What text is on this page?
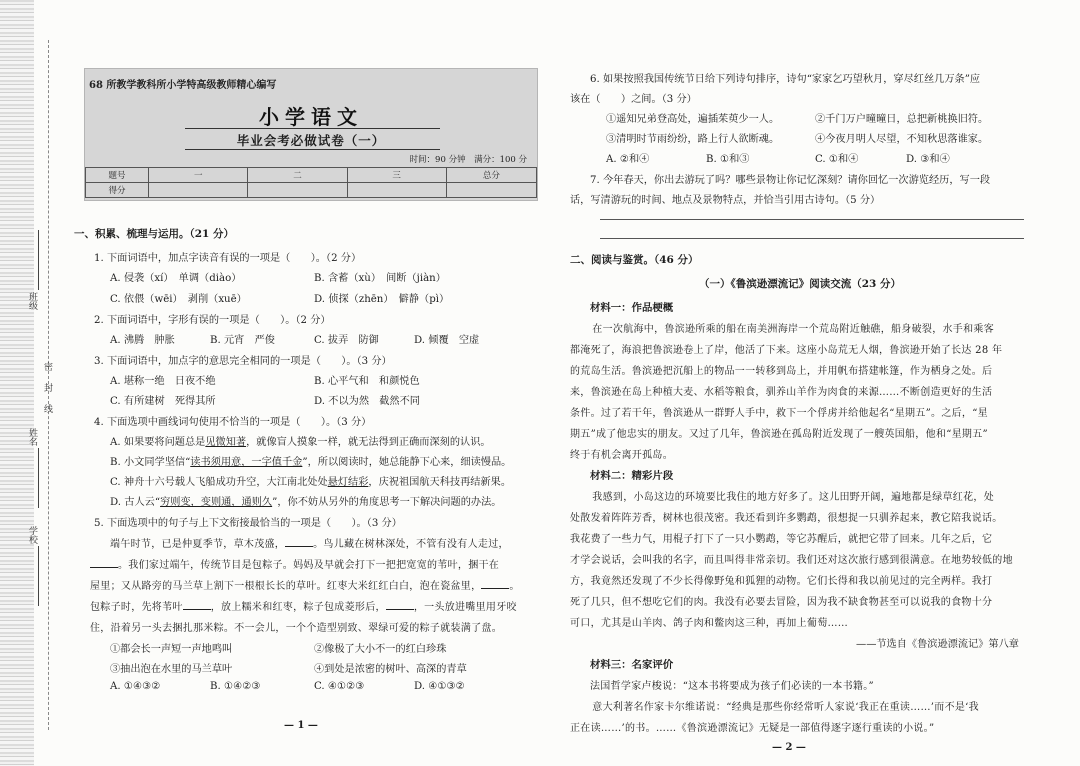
班级
姓名
学校
密
封
线
68 所教学教科所小学特高级教师精心编写
小学语文
毕业会考必做试卷（一）
时间：90 分钟　满分：100 分
题号	一	二	三	总分
得分				
一、积累、梳理与运用。（21 分）
1. 下面词语中，加点字读音有误的一项是（　　）。（2 分）
A. 侵袭（xí）　单调（diào）	B. 含蓄（xù）　间断（jiàn）
C. 依偎（wēi）　剥削（xuē）	D. 侦探（zhēn）　僻静（pì）
2. 下面词语中，字形有误的一项是（　　）。（2 分）
A. 沸腾　肿胀	B. 元宵　严俊	C. 拔弄　防御	D. 倾覆　空虚
3. 下面词语中，加点字的意思完全相同的一项是（　　）。（3 分）
A. 堪称一绝　日夜不绝	B. 心平气和　和颜悦色
C. 有所建树　死得其所	D. 不以为然　截然不同
4. 下面选项中画线词句使用不恰当的一项是（　　）。（3 分）
A. 如果要将问题总是见微知著，就像盲人摸象一样，就无法得到正确而深刻的认识。
B. 小文同学坚信“读书须用意，一字值千金”，所以阅读时，她总能静下心来，细读慢品。
C. 神舟十六号载人飞船成功升空，大江南北处处悬灯结彩，庆祝祖国航天科技再结新果。
D. 古人云“穷则变，变则通，通则久”，你不妨从另外的角度思考一下解决问题的办法。
5. 下面选项中的句子与上下文衔接最恰当的一项是（　　）。（3 分）
端午时节，已是仲夏季节，草木茂盛，	。鸟儿藏在树林深处，不管有没有人走过，
。我们家过端午，传统节目是包粽子。妈妈及早就会打下一把把宽宽的苇叶，捆干在
屋里；又从路旁的马兰草上割下一根根长长的草叶。红枣大米红红白白，泡在瓷盆里，	。
包粽子时，先将苇叶	，放上糯米和红枣，粽子包成菱形后，	，一头放进嘴里用牙咬
住，沿着另一头去捆扎那米粽。不一会儿，一个个造型别致、翠绿可爱的粽子就装满了盘。
①都会长一声短一声地鸣叫	②像极了大小不一的红白珍珠
③抽出泡在水里的马兰草叶	④到处是浓密的树叶、高深的青草
A. ①④③②	B. ①④②③	C. ④①②③	D. ④①③②
— 1 —
6. 如果按照我国传统节日给下列诗句排序，诗句“家家乞巧望秋月，穿尽红丝几万条”应
该在（　　）之间。（3 分）
①遥知兄弟登高处，遍插茱萸少一人。	②千门万户曈曈日，总把新桃换旧符。
③清明时节雨纷纷，路上行人欲断魂。	④今夜月明人尽望，不知秋思落谁家。
A. ②和④	B. ①和③	C. ①和④	D. ③和④
7. 今年春天，你出去游玩了吗？哪些景物让你记忆深刻？请你回忆一次游览经历，写一段
话，写清游玩的时间、地点及景物特点，并恰当引用古诗句。（5 分）
二、阅读与鉴赏。（46 分）
（一）《鲁滨逊漂流记》阅读交流（23 分）
材料一：作品梗概
　在一次航海中，鲁滨逊所乘的船在南美洲海岸一个荒岛附近触礁，船身破裂，水手和乘客
都淹死了，海浪把鲁滨逊卷上了岸，他活了下来。这座小岛荒无人烟，鲁滨逊开始了长达 28 年
的荒岛生活。鲁滨逊把沉船上的物品一一转移到岛上，并用帆布搭建帐篷，作为栖身之处。后
来，鲁滨逊在岛上种植大麦、水稻等粮食，驯养山羊作为肉食的来源……不断创造更好的生活
条件。过了若干年，鲁滨逊从一群野人手中，救下一个俘虏并给他起名“星期五”。之后，“星
期五”成了他忠实的朋友。又过了几年，鲁滨逊在孤岛附近发现了一艘英国船，他和“星期五”
终于有机会离开孤岛。
材料二：精彩片段
　我感到，小岛这边的环境要比我住的地方好多了。这儿田野开阔，遍地都是绿草红花，处
处散发着阵阵芳香，树林也很茂密。我还看到许多鹦鹉，很想捉一只驯养起来，教它陪我说话。
我花费了一些力气，用棍子打下了一只小鹦鹉，等它苏醒后，就把它带了回来。几年之后，它
才学会说话，会叫我的名字，而且叫得非常亲切。我们还对这次旅行感到很满意。在地势较低的地
方，我竟然还发现了不少长得像野兔和狐狸的动物。它们长得和我以前见过的完全两样。我打
死了几只，但不想吃它们的肉。我没有必要去冒险，因为我不缺食物甚至可以说我的食物十分
可口，尤其是山羊肉、鸽子肉和鳖肉这三种，再加上葡萄……
——节选自《鲁滨逊漂流记》第八章
材料三：名家评价
法国哲学家卢梭说：“这本书将要成为孩子们必读的一本书籍。”
　意大利著名作家卡尔维诺说：“经典是那些你经常听人家说‘我正在重读……’而不是‘我
正在读……’的书。……《鲁滨逊漂流记》无疑是一部值得逐字逐行重读的小说。”
— 2 —
